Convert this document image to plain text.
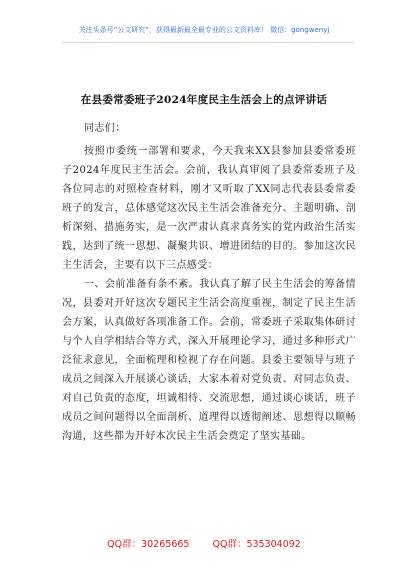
关注头条号“公文研究”，获得最新最全最专业的公文资料库！ 微信：gongwenyj
在县委常委班子2024年度民主生活会上的点评讲话

同志们：

按照市委统一部署和要求，今天我来XX县参加县委常委班子2024年度民主生活会。会前，我认真审阅了县委常委班子及各位同志的对照检查材料，刚才又听取了XX同志代表县委常委班子的发言，总体感觉这次民主生活会准备充分、主题明确、剖析深刻、措施务实，是一次严肃认真求真务实的党内政治生活实践，达到了统一思想、凝聚共识、增进团结的目的。参加这次民主生活会，主要有以下三点感受：

一、会前准备有条不紊。我认真了解了民主生活会的筹备情况，县委对开好这次专题民主生活会高度重视，制定了民主生活会方案，认真做好各项准备工作。会前，常委班子采取集体研讨与个人自学相结合等方式，深入开展理论学习，通过多种形式广泛征求意见，全面梳理和检视了存在问题。县委主要领导与班子成员之间深入开展谈心谈话，大家本着对党负责、对同志负责、对自己负责的态度，坦诚相待、交流思想，通过谈心谈话，班子成员之间问题得以全面剖析、道理得以透彻阐述、思想得以顺畅沟通，这些都为开好本次民主生活会奠定了坚实基础。

QQ群：30265665 QQ群：535304092
